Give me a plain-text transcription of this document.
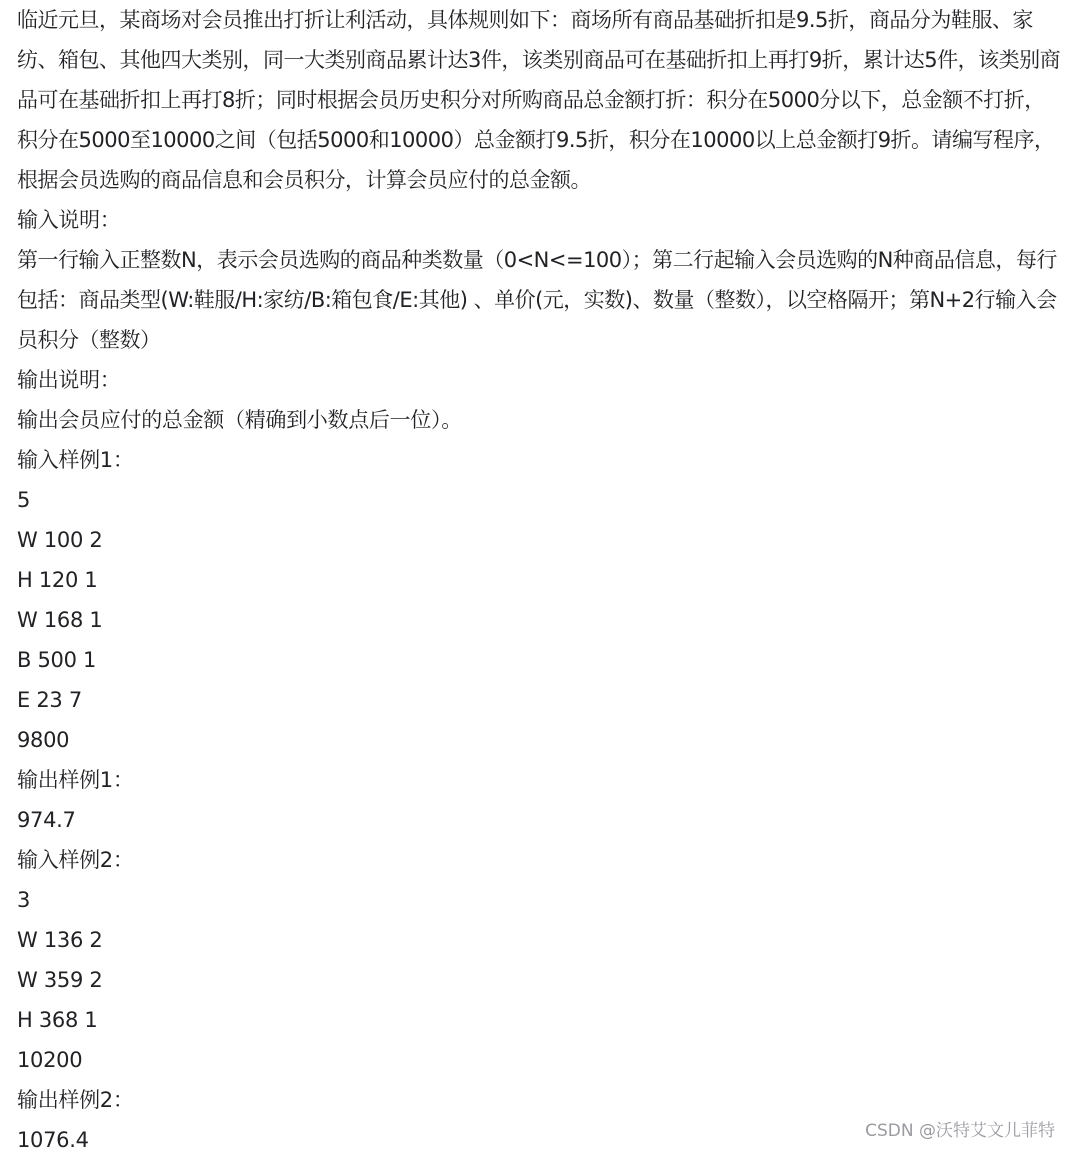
临近元旦，某商场对会员推出打折让利活动，具体规则如下：商场所有商品基础折扣是9.5折，商品分为鞋服、家纺、箱包、其他四大类别，同一大类别商品累计达3件，该类别商品可在基础折扣上再打9折，累计达5件，该类别商品可在基础折扣上再打8折；同时根据会员历史积分对所购商品总金额打折：积分在5000分以下，总金额不打折，积分在5000至10000之间（包括5000和10000）总金额打9.5折，积分在10000以上总金额打9折。请编写程序，根据会员选购的商品信息和会员积分，计算会员应付的总金额。

输入说明：

第一行输入正整数N，表示会员选购的商品种类数量（0<N<=100）；第二行起输入会员选购的N种商品信息，每行包括：商品类型(W:鞋服/H:家纺/B:箱包食/E:其他) 、单价(元，实数)、数量（整数），以空格隔开；第N+2行输入会员积分（整数）

输出说明：

输出会员应付的总金额（精确到小数点后一位）。

输入样例1：

5

W 100 2

H 120 1

W 168 1

B 500 1

E 23 7

9800

输出样例1：

974.7

输入样例2：

3

W 136 2

W 359 2

H 368 1

10200

输出样例2：

1076.4	CSDN @沃特艾文儿菲特
